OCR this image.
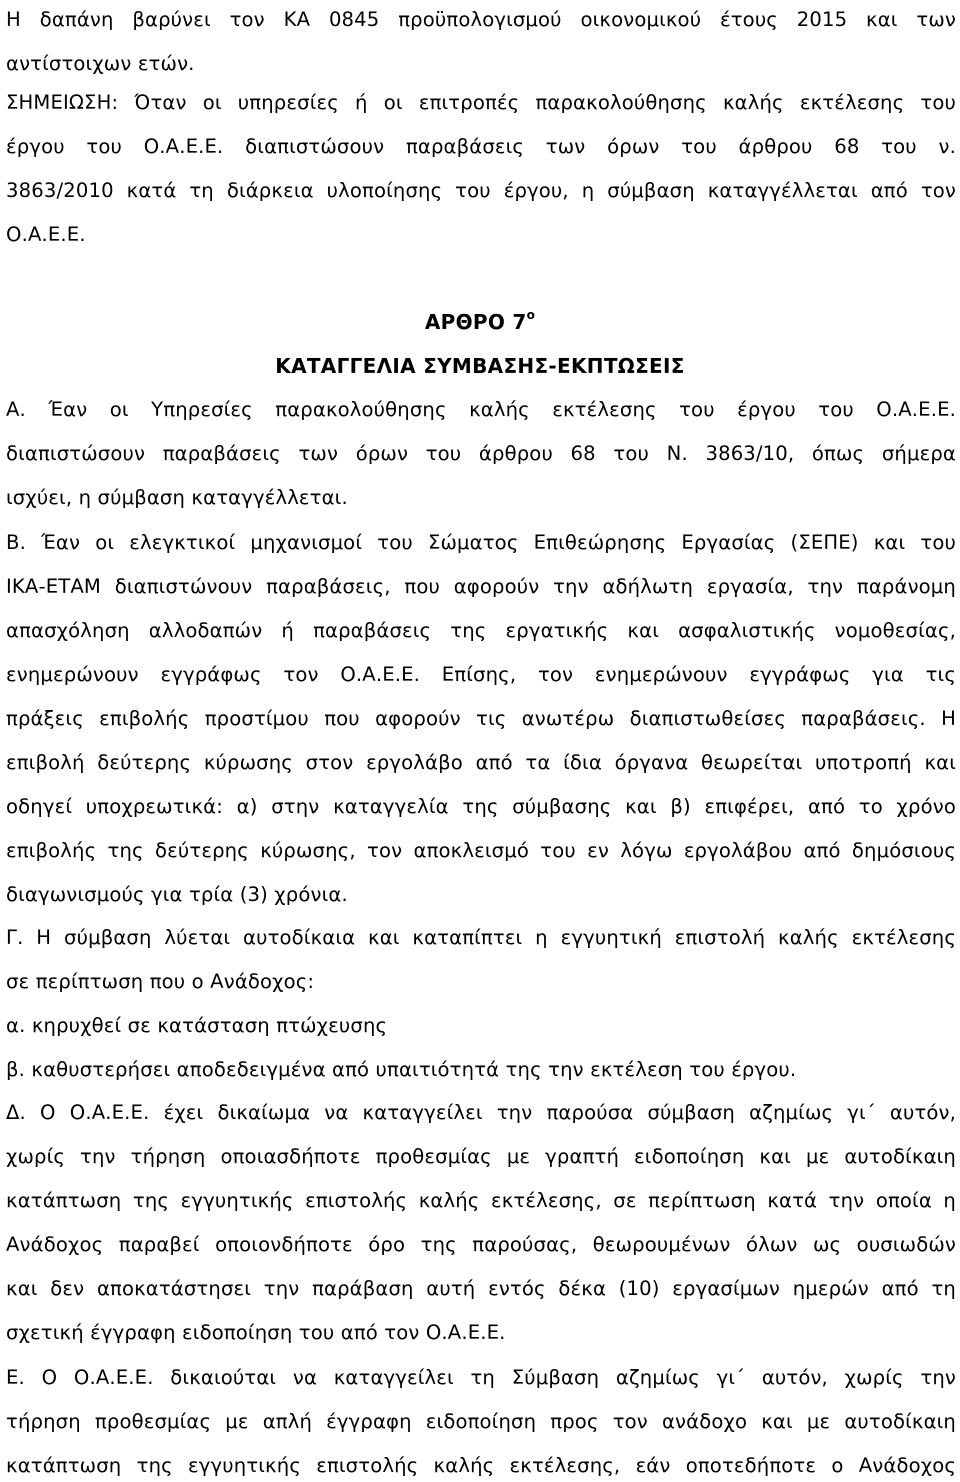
Η δαπάνη βαρύνει τον ΚΑ 0845 προϋπολογισμού οικονομικού έτους 2015 και των
αντίστοιχων ετών.
ΣΗΜΕΙΩΣΗ: Όταν οι υπηρεσίες ή οι επιτροπές παρακολούθησης καλής εκτέλεσης του
έργου του Ο.Α.Ε.Ε. διαπιστώσουν παραβάσεις των όρων του άρθρου 68 του ν.
3863/2010 κατά τη διάρκεια υλοποίησης του έργου, η σύμβαση καταγγέλλεται από τον
Ο.Α.Ε.Ε.
ΑΡΘΡΟ $7^o$
ΚΑΤΑΓΓΕΛΙΑ ΣΥΜΒΑΣΗΣ-ΕΚΠΤΩΣΕΙΣ
Α. Έαν οι Υπηρεσίες παρακολούθησης καλής εκτέλεσης του έργου του Ο.Α.Ε.Ε.
διαπιστώσουν παραβάσεις των όρων του άρθρου 68 του Ν. 3863/10, όπως σήμερα
ισχύει, η σύμβαση καταγγέλλεται.
Β. Έαν οι ελεγκτικοί μηχανισμοί του Σώματος Επιθεώρησης Εργασίας (ΣΕΠΕ) και του
ΙΚΑ-ΕΤΑΜ διαπιστώνουν παραβάσεις, που αφορούν την αδήλωτη εργασία, την παράνομη
απασχόληση αλλοδαπών ή παραβάσεις της εργατικής και ασφαλιστικής νομοθεσίας,
ενημερώνουν εγγράφως τον Ο.Α.Ε.Ε. Επίσης, τον ενημερώνουν εγγράφως για τις
πράξεις επιβολής προστίμου που αφορούν τις ανωτέρω διαπιστωθείσες παραβάσεις. Η
επιβολή δεύτερης κύρωσης στον εργολάβο από τα ίδια όργανα θεωρείται υποτροπή και
οδηγεί υποχρεωτικά: α) στην καταγγελία της σύμβασης και β) επιφέρει, από το χρόνο
επιβολής της δεύτερης κύρωσης, τον αποκλεισμό του εν λόγω εργολάβου από δημόσιους
διαγωνισμούς για τρία (3) χρόνια.
Γ. Η σύμβαση λύεται αυτοδίκαια και καταπίπτει η εγγυητική επιστολή καλής εκτέλεσης
σε περίπτωση που ο Ανάδοχος:
α. κηρυχθεί σε κατάσταση πτώχευσης
β. καθυστερήσει αποδεδειγμένα από υπαιτιότητά της την εκτέλεση του έργου.
Δ. Ο Ο.Α.Ε.Ε. έχει δικαίωμα να καταγγείλει την παρούσα σύμβαση αζημίως γι΄ αυτόν,
χωρίς την τήρηση οποιασδήποτε προθεσμίας με γραπτή ειδοποίηση και με αυτοδίκαιη
κατάπτωση της εγγυητικής επιστολής καλής εκτέλεσης, σε περίπτωση κατά την οποία η
Ανάδοχος παραβεί οποιονδήποτε όρο της παρούσας, θεωρουμένων όλων ως ουσιωδών
και δεν αποκατάστησει την παράβαση αυτή εντός δέκα (10) εργασίμων ημερών από τη
σχετική έγγραφη ειδοποίηση του από τον Ο.Α.Ε.Ε.
Ε. Ο Ο.Α.Ε.Ε. δικαιούται να καταγγείλει τη Σύμβαση αζημίως γι΄ αυτόν, χωρίς την
τήρηση προθεσμίας με απλή έγγραφη ειδοποίηση προς τον ανάδοχο και με αυτοδίκαιη
κατάπτωση της εγγυητικής επιστολής καλής εκτέλεσης, εάν οποτεδήποτε ο Ανάδοχος
